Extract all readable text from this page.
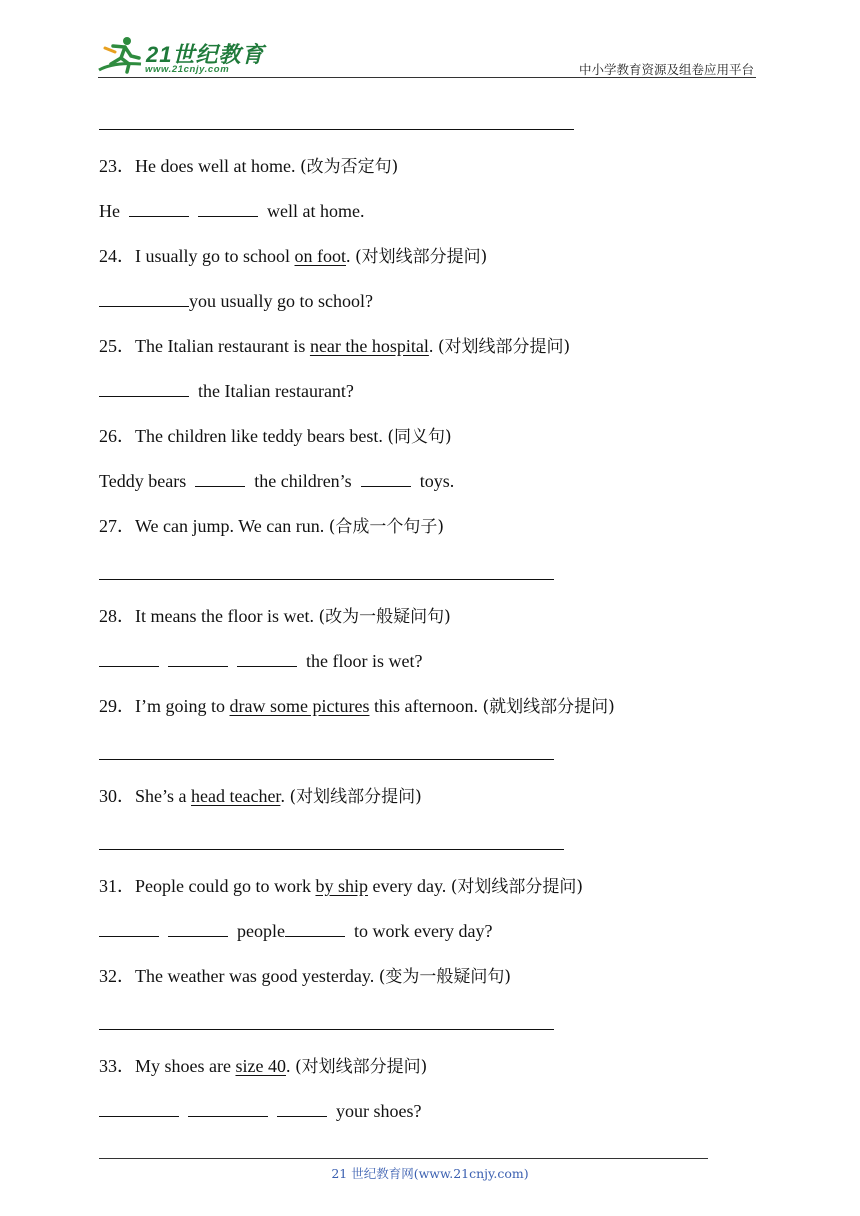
21世纪教育
www.21cnjy.com	中小学教育资源及组卷应用平台
23．He does well at home. (改为否定句)
He	well at home.
24．I usually go to school on foot. (对划线部分提问)
you usually go to school?
25．The Italian restaurant is near the hospital. (对划线部分提问)
the Italian restaurant?
26．The children like teddy bears best. (同义句)
Teddy bears	the children’s	toys.
27．We can jump. We can run. (合成一个句子)
28．It means the floor is wet. (改为一般疑问句)
the floor is wet?
29．I’m going to draw some pictures this afternoon. (就划线部分提问)
30．She’s a head teacher. (对划线部分提问)
31．People could go to work by ship every day. (对划线部分提问)
people	to work every day?
32．The weather was good yesterday. (变为一般疑问句)
33．My shoes are size 40. (对划线部分提问)
your shoes?
21 世纪教育网(www.21cnjy.com)
